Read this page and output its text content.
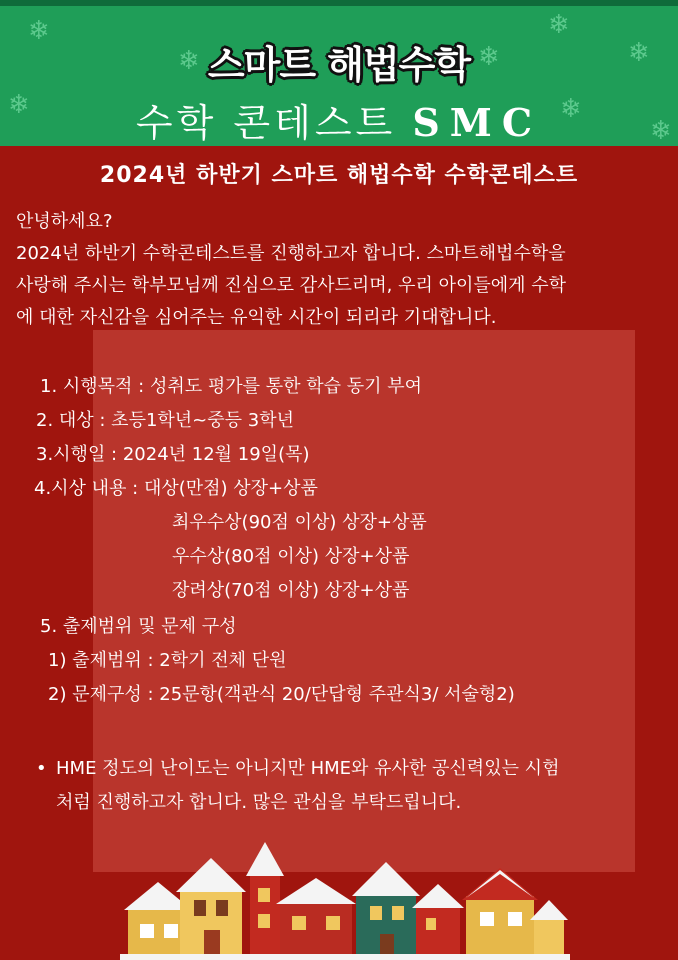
❄
❄
❄
❄
❄
❄
❄
❄
스마트 해법수학
수학 콘테스트 SMC
2024년 하반기 스마트 해법수학 수학콘테스트
안녕하세요?
2024년 하반기 수학콘테스트를 진행하고자 합니다. 스마트해법수학을
사랑해 주시는 학부모님께 진심으로 감사드리며, 우리 아이들에게 수학
에 대한 자신감을 심어주는 유익한 시간이 되리라 기대합니다.
1. 시행목적 : 성취도 평가를 통한 학습 동기 부여
2. 대상 : 초등1학년~중등 3학년
3.시행일 : 2024년 12월 19일(목)
4.시상 내용 : 대상(만점) 상장+상품
최우수상(90점 이상) 상장+상품
우수상(80점 이상) 상장+상품
장려상(70점 이상) 상장+상품
5. 출제범위 및 문제 구성
1) 출제범위 : 2학기 전체 단원
2) 문제구성 : 25문항(객관식 20/단답형 주관식3/ 서술형2)
• HME 정도의 난이도는 아니지만 HME와 유사한 공신력있는 시험
처럼 진행하고자 합니다. 많은 관심을 부탁드립니다.
